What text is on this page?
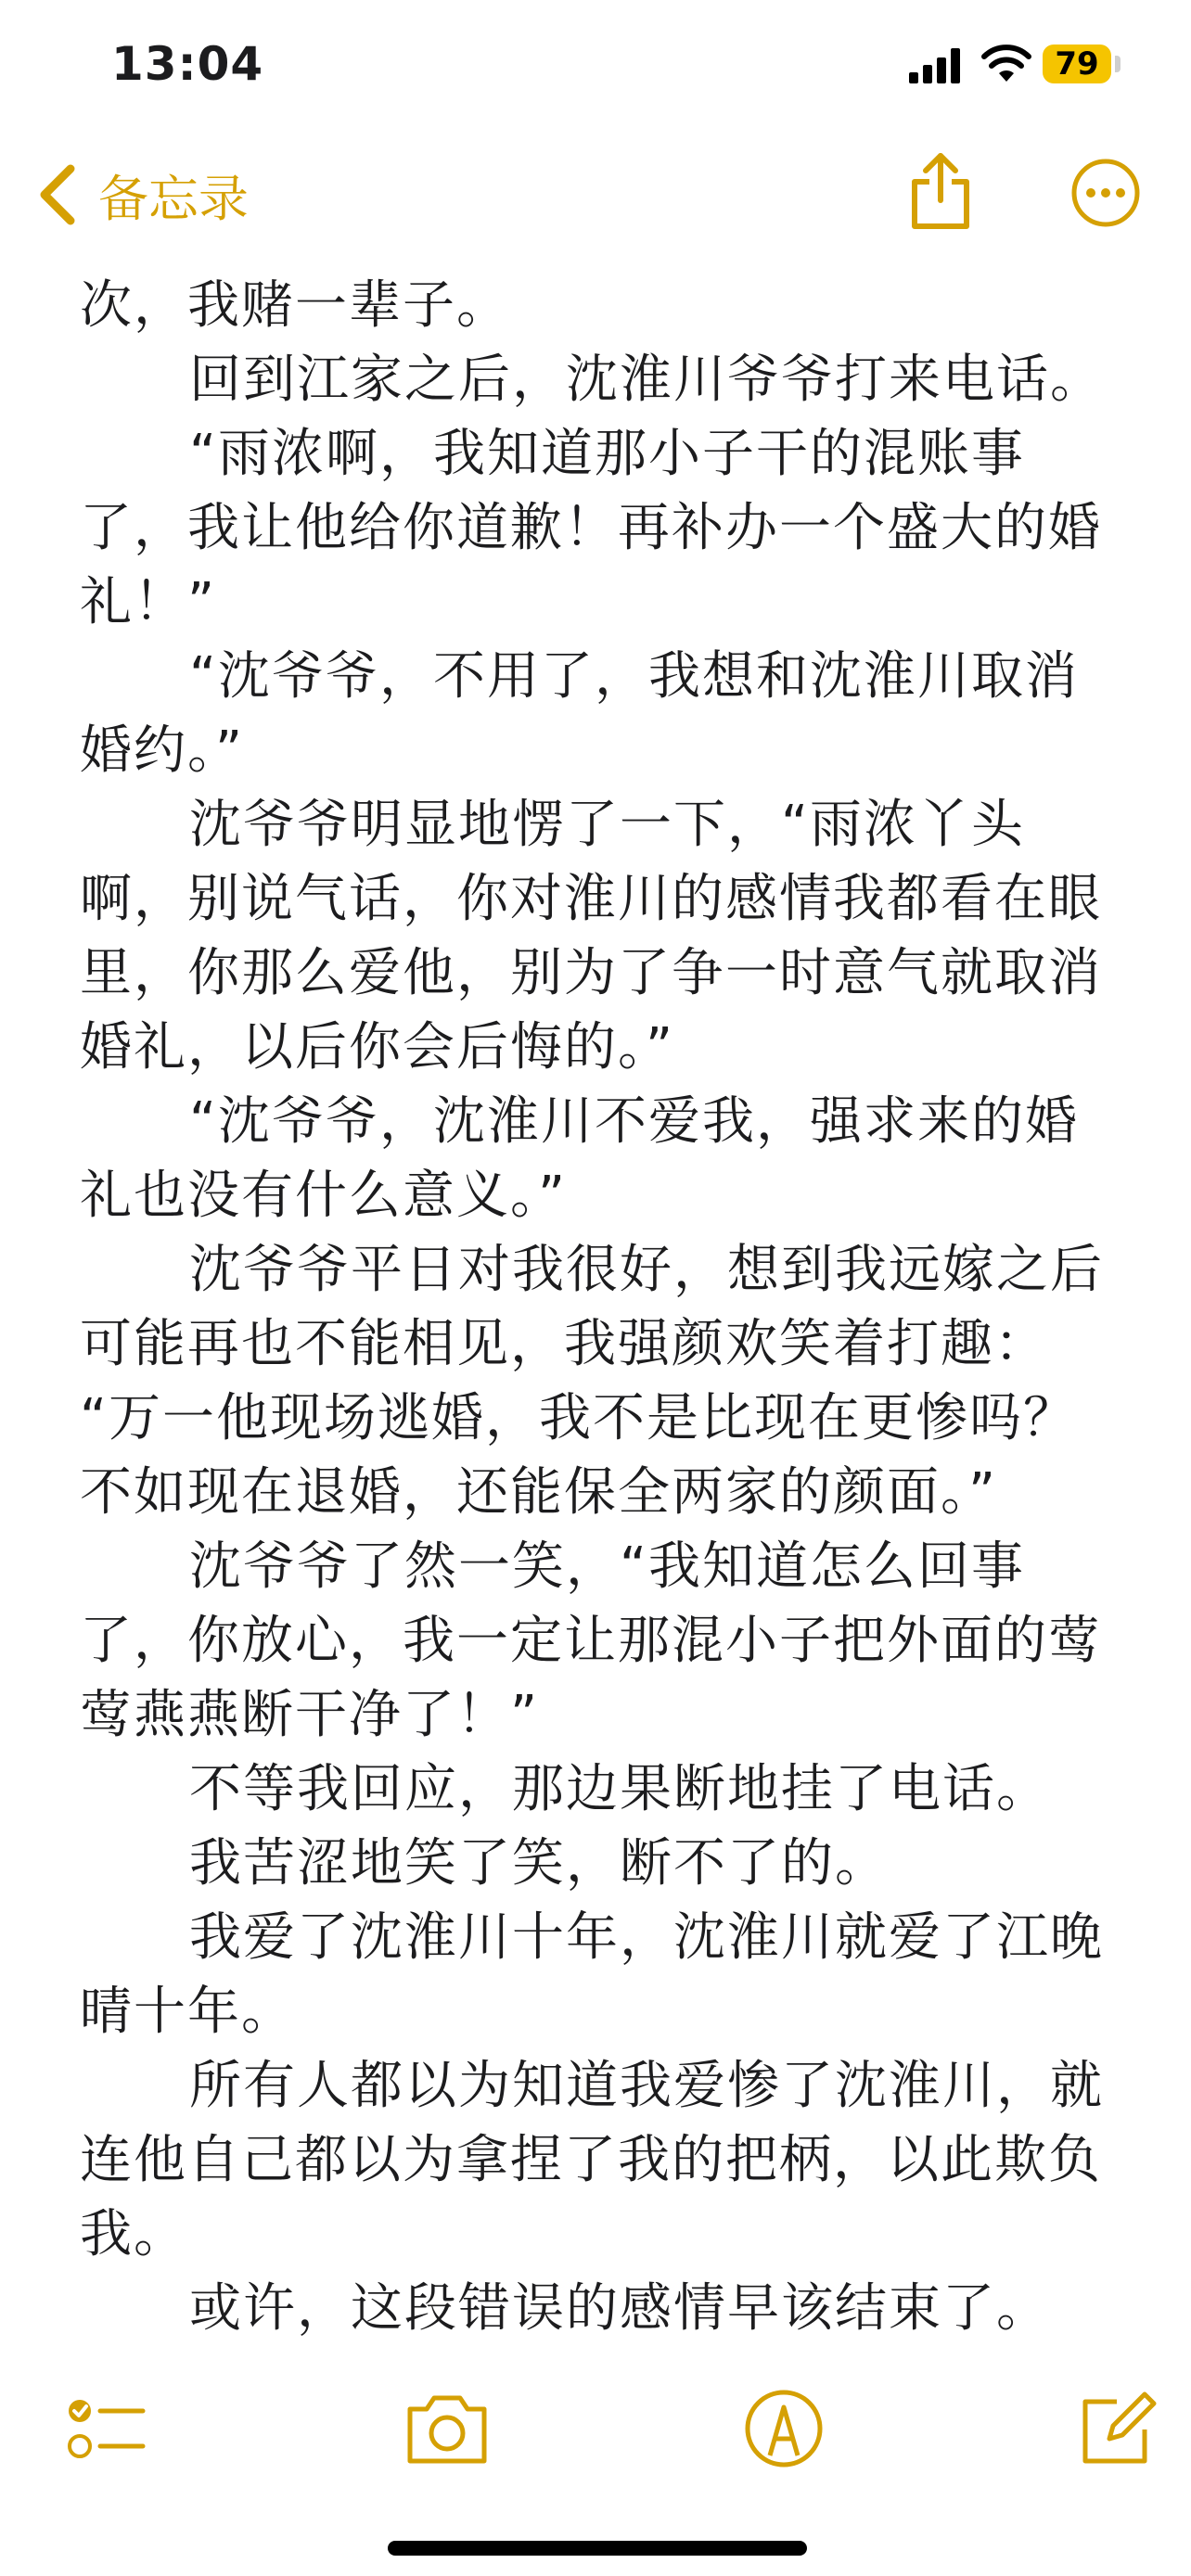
13:04	79
备忘录
次，我赌一辈子。
回到江家之后，沈淮川爷爷打来电话。
“雨浓啊，我知道那小子干的混账事
了，我让他给你道歉！再补办一个盛大的婚
礼！”
“沈爷爷，不用了，我想和沈淮川取消
婚约。”
沈爷爷明显地愣了一下，“雨浓丫头
啊，别说气话，你对淮川的感情我都看在眼
里，你那么爱他，别为了争一时意气就取消
婚礼，以后你会后悔的。”
“沈爷爷，沈淮川不爱我，强求来的婚
礼也没有什么意义。”
沈爷爷平日对我很好，想到我远嫁之后
可能再也不能相见，我强颜欢笑着打趣：
“万一他现场逃婚，我不是比现在更惨吗？
不如现在退婚，还能保全两家的颜面。”
沈爷爷了然一笑，“我知道怎么回事
了，你放心，我一定让那混小子把外面的莺
莺燕燕断干净了！”
不等我回应，那边果断地挂了电话。
我苦涩地笑了笑，断不了的。
我爱了沈淮川十年，沈淮川就爱了江晚
晴十年。
所有人都以为知道我爱惨了沈淮川，就
连他自己都以为拿捏了我的把柄，以此欺负
我。
或许，这段错误的感情早该结束了。
